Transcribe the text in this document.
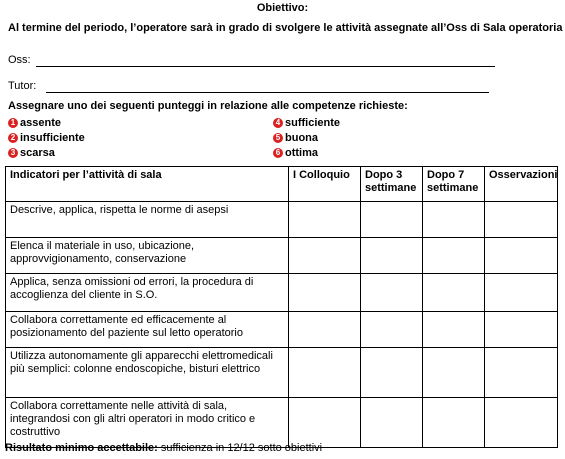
Obiettivo:
Al termine del periodo, l’operatore sarà in grado di svolgere le attività assegnate all’Oss di Sala operatoria
Oss:
Tutor:
Assegnare uno dei seguenti punteggi in relazione alle competenze richieste:
1 assente
2 insufficiente
3 scarsa
4 sufficiente
5 buona
6 ottima
Indicatori per l’attività di sala	I Colloquio	Dopo 3 settimane	Dopo 7 settimane	Osservazioni
Descrive, applica, rispetta le norme di asepsi				
Elenca il materiale in uso, ubicazione, approvvigionamento, conservazione				
Applica, senza omissioni od errori, la procedura di accoglienza del cliente in S.O.				
Collabora correttamente ed efficacemente al posizionamento del paziente sul letto operatorio				
Utilizza autonomamente gli apparecchi elettromedicali più semplici: colonne endoscopiche, bisturi elettrico				
Collabora correttamente nelle attività di sala, integrandosi con gli altri operatori in modo critico e costruttivo				
Risultato minimo accettabile: sufficienza in 12/12 sotto obiettivi
